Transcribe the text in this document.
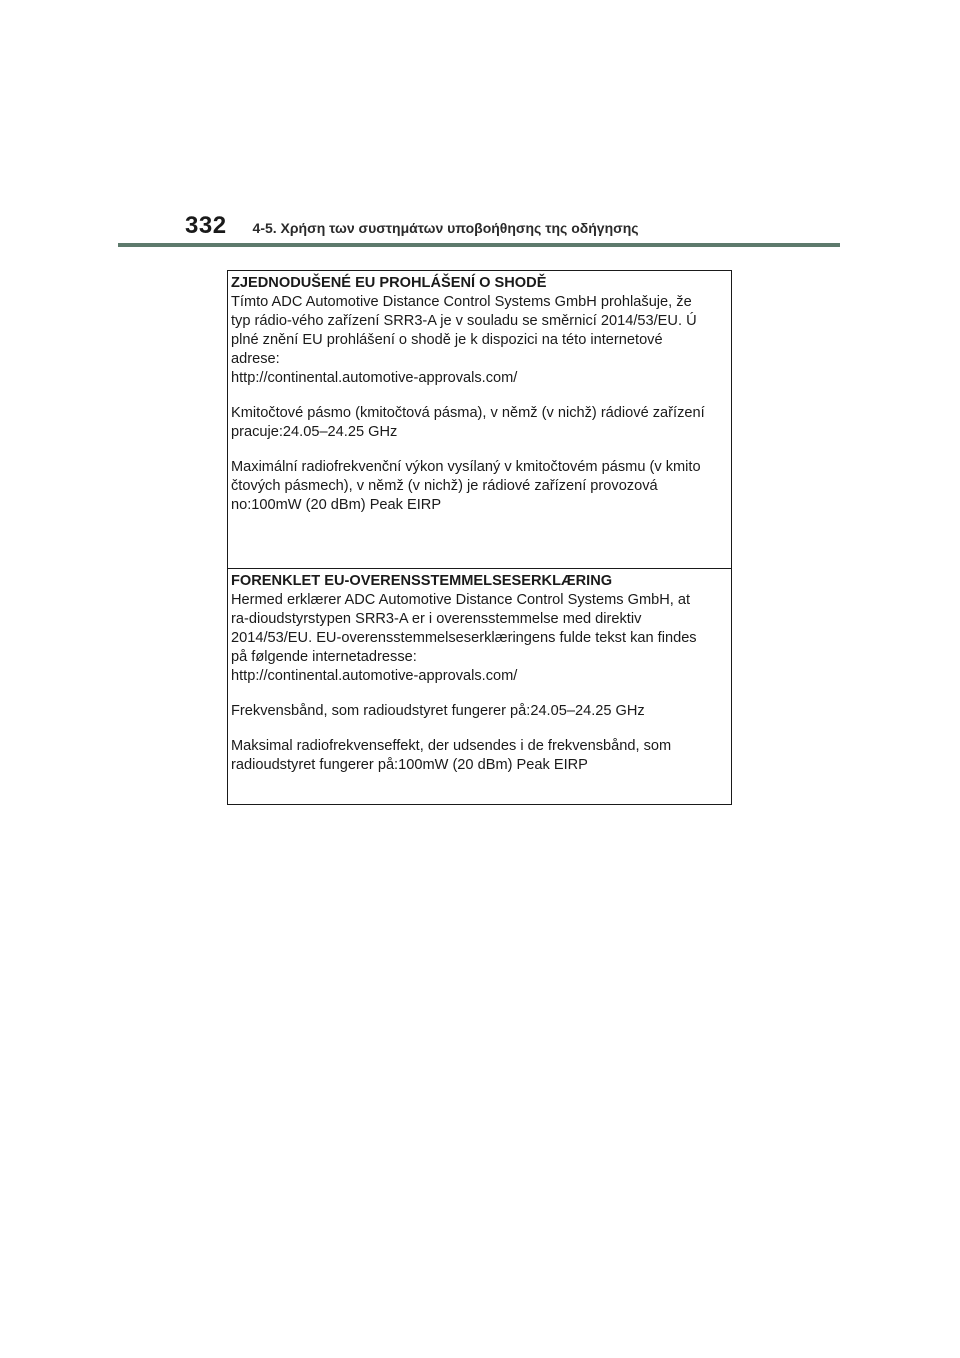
332 4-5. Χρήση των συστημάτων υποβοήθησης της οδήγησης

ZJEDNODUŠENÉ EU PROHLÁŠENÍ O SHODĚ

Tímto ADC Automotive Distance Control Systems GmbH prohlašuje, že

typ rádio-vého zařízení SRR3-A je v souladu se směrnicí 2014/53/EU. Ú

plné znění EU prohlášení o shodě je k dispozici na této internetové

adrese:

http://continental.automotive-approvals.com/

Kmitočtové pásmo (kmitočtová pásma), v němž (v nichž) rádiové zařízení

pracuje:24.05–24.25 GHz

Maximální radiofrekvenční výkon vysílaný v kmitočtovém pásmu (v kmito

čtových pásmech), v němž (v nichž) je rádiové zařízení provozová

no:100mW (20 dBm) Peak EIRP

FORENKLET EU-OVERENSSTEMMELSESERKLÆRING

Hermed erklærer ADC Automotive Distance Control Systems GmbH, at

ra-dioudstyrstypen SRR3-A er i overensstemmelse med direktiv

2014/53/EU. EU-overensstemmelseserklæringens fulde tekst kan findes

på følgende internetadresse:

http://continental.automotive-approvals.com/

Frekvensbånd, som radioudstyret fungerer på:24.05–24.25 GHz

Maksimal radiofrekvenseffekt, der udsendes i de frekvensbånd, som

radioudstyret fungerer på:100mW (20 dBm) Peak EIRP
